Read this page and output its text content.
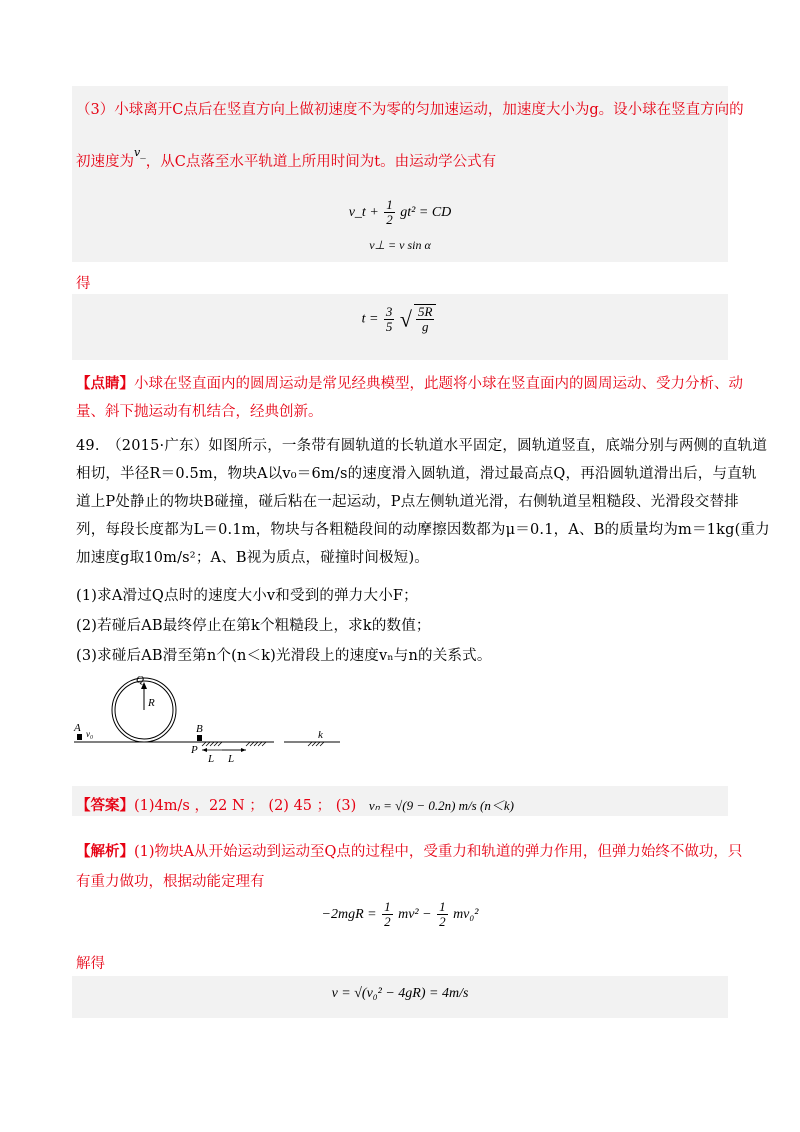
v_t + $\frac{1}{2} gt^2$ = CD
v⊥ = v sin α
（3）小球离开C点后在竖直方向上做初速度不为零的匀加速运动，加速度大小为g。设小球在竖直方向的
初速度为$^{v\_}$，从C点落至水平轨道上所用时间为t。由运动学公式有
得
$t = \frac{3}{5}$ √ $\frac{5R}{g}$
【点睛】小球在竖直面内的圆周运动是常见经典模型，此题将小球在竖直面内的圆周运动、受力分析、动
量、斜下抛运动有机结合，经典创新。
49.　（2015·广东）如图所示，一条带有圆轨道的长轨道水平固定，圆轨道竖直，底端分别与两侧的直轨道
相切，半径R＝0.5m，物块A以v₀＝6m/s的速度滑入圆轨道，滑过最高点Q，再沿圆轨道滑出后，与直轨
道上P处静止的物块B碰撞，碰后粘在一起运动，P点左侧轨道光滑，右侧轨道呈粗糙段、光滑段交替排
列，每段长度都为L＝0.1m，物块与各粗糙段间的动摩擦因数都为μ＝0.1，A、B的质量均为m＝1kg(重力
加速度g取10m/s²；A、B视为质点，碰撞时间极短)。
(1)求A滑过Q点时的速度大小v和受到的弹力大小F；
(2)若碰后AB最终停止在第k个粗糙段上，求k的数值；
(3)求碰后AB滑至第n个(n＜k)光滑段上的速度vₙ与n的关系式。
Q
R
A v₀	B
P
L L
k
【答案】(1)4m/s ，22 N ； (2) 45 ； (3) vₙ = √(9 − 0.2n) m/s (n＜k)
【解析】(1)物块A从开始运动到运动至Q点的过程中，受重力和轨道的弹力作用，但弹力始终不做功，只
有重力做功，根据动能定理有
$-2mgR = \frac{1}{2} mv^2 - \frac{1}{2} mv_0^2$
解得
v = √(v₀² − 4gR) = 4m/s
